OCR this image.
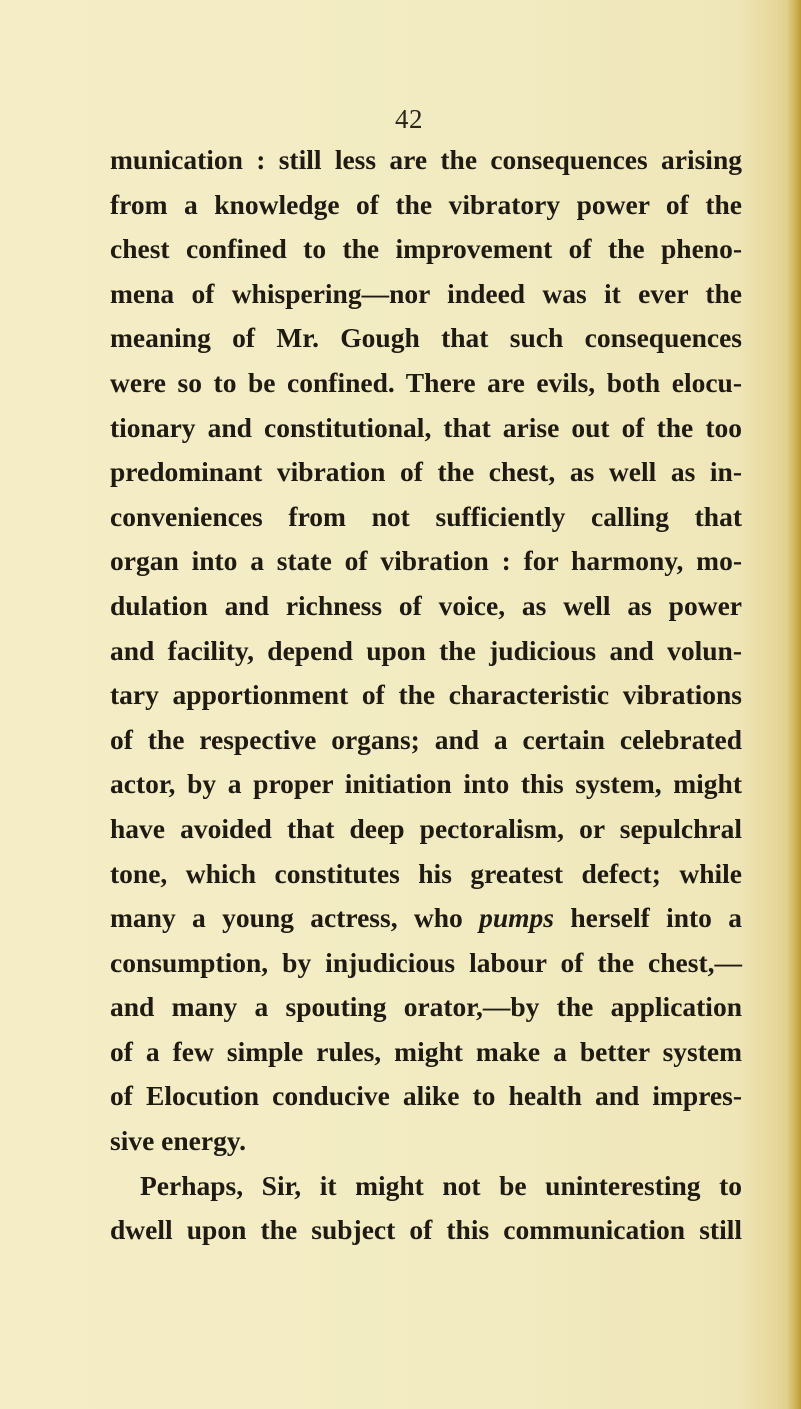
42
munication : still less are the consequences arising
from a knowledge of the vibratory power of the
chest confined to the improvement of the pheno-
mena of whispering—nor indeed was it ever the
meaning of Mr. Gough that such consequences
were so to be confined. There are evils, both elocu-
tionary and constitutional, that arise out of the too
predominant vibration of the chest, as well as in-
conveniences from not sufficiently calling that
organ into a state of vibration : for harmony, mo-
dulation and richness of voice, as well as power
and facility, depend upon the judicious and volun-
tary apportionment of the characteristic vibrations
of the respective organs; and a certain celebrated
actor, by a proper initiation into this system, might
have avoided that deep pectoralism, or sepulchral
tone, which constitutes his greatest defect; while
many a young actress, who pumps herself into a
consumption, by injudicious labour of the chest,—
and many a spouting orator,—by the application
of a few simple rules, might make a better system
of Elocution conducive alike to health and impres-
sive energy.
Perhaps, Sir, it might not be uninteresting to
dwell upon the subject of this communication still
